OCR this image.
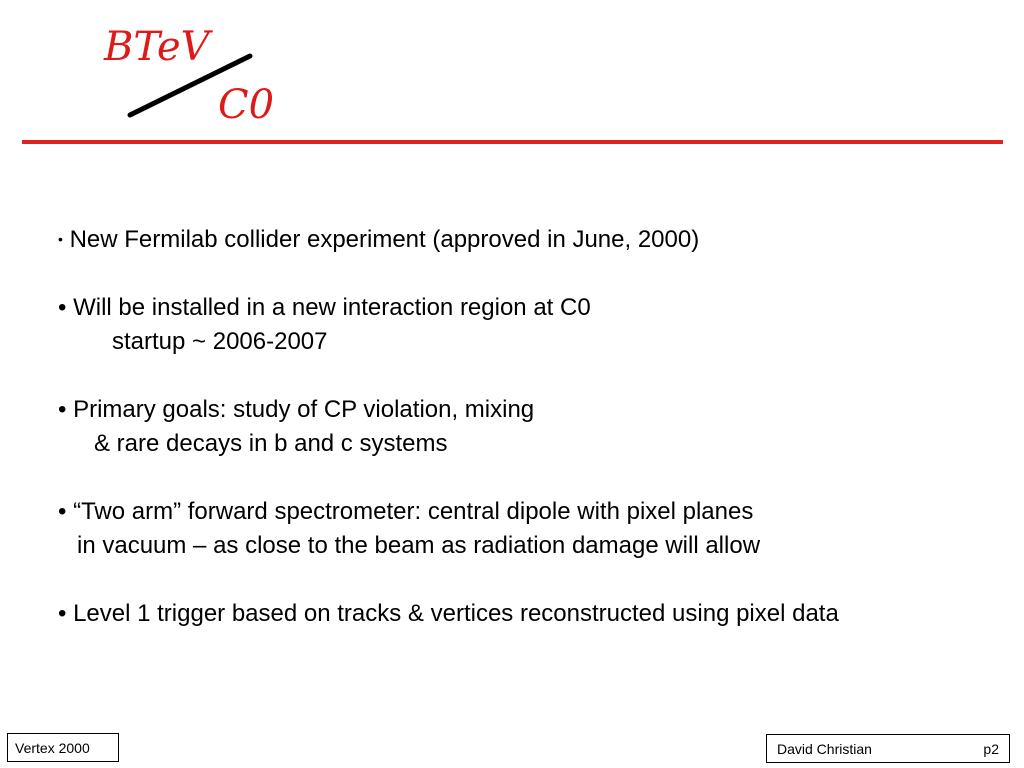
BTeV
C0
• New Fermilab collider experiment (approved in June, 2000)
• Will be installed in a new interaction region at C0
startup ~ 2006-2007
• Primary goals: study of CP violation, mixing
& rare decays in b and c systems
• “Two arm” forward spectrometer: central dipole with pixel planes
in vacuum – as close to the beam as radiation damage will allow
• Level 1 trigger based on tracks & vertices reconstructed using pixel data
Vertex 2000	David Christian	p2
